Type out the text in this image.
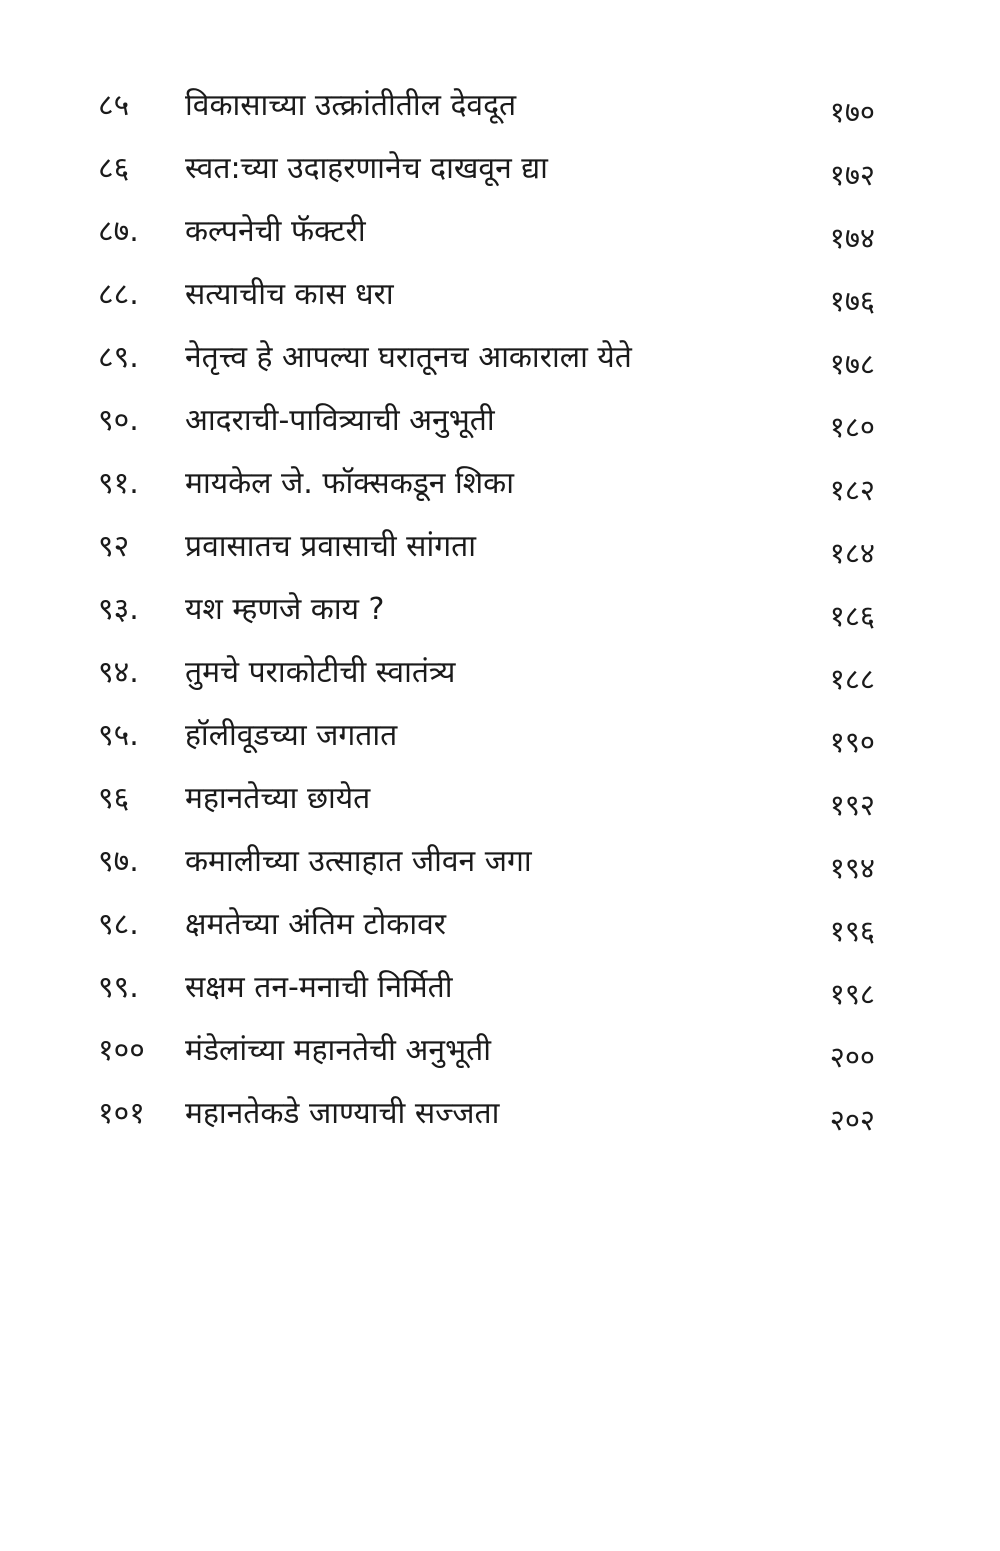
८५	विकासाच्या उत्क्रांतीतील देवदूत	१७०
८६	स्वत:च्या उदाहरणानेच दाखवून द्या	१७२
८७.	कल्पनेची फॅक्टरी	१७४
८८.	सत्याचीच कास धरा	१७६
८९.	नेतृत्त्व हे आपल्या घरातूनच आकाराला येते	१७८
९०.	आदराची-पावित्र्याची अनुभूती	१८०
९१.	मायकेल जे. फॉक्सकडून शिका	१८२
९२	प्रवासातच प्रवासाची सांगता	१८४
९३.	यश म्हणजे काय ?	१८६
९४.	तुमचे पराकोटीची स्वातंत्र्य	१८८
९५.	हॉलीवूडच्या जगतात	१९०
९६	महानतेच्या छायेत	१९२
९७.	कमालीच्या उत्साहात जीवन जगा	१९४
९८.	क्षमतेच्या अंतिम टोकावर	१९६
९९.	सक्षम तन-मनाची निर्मिती	१९८
१००	मंडेलांच्या महानतेची अनुभूती	२००
१०१	महानतेकडे जाण्याची सज्जता	२०२
